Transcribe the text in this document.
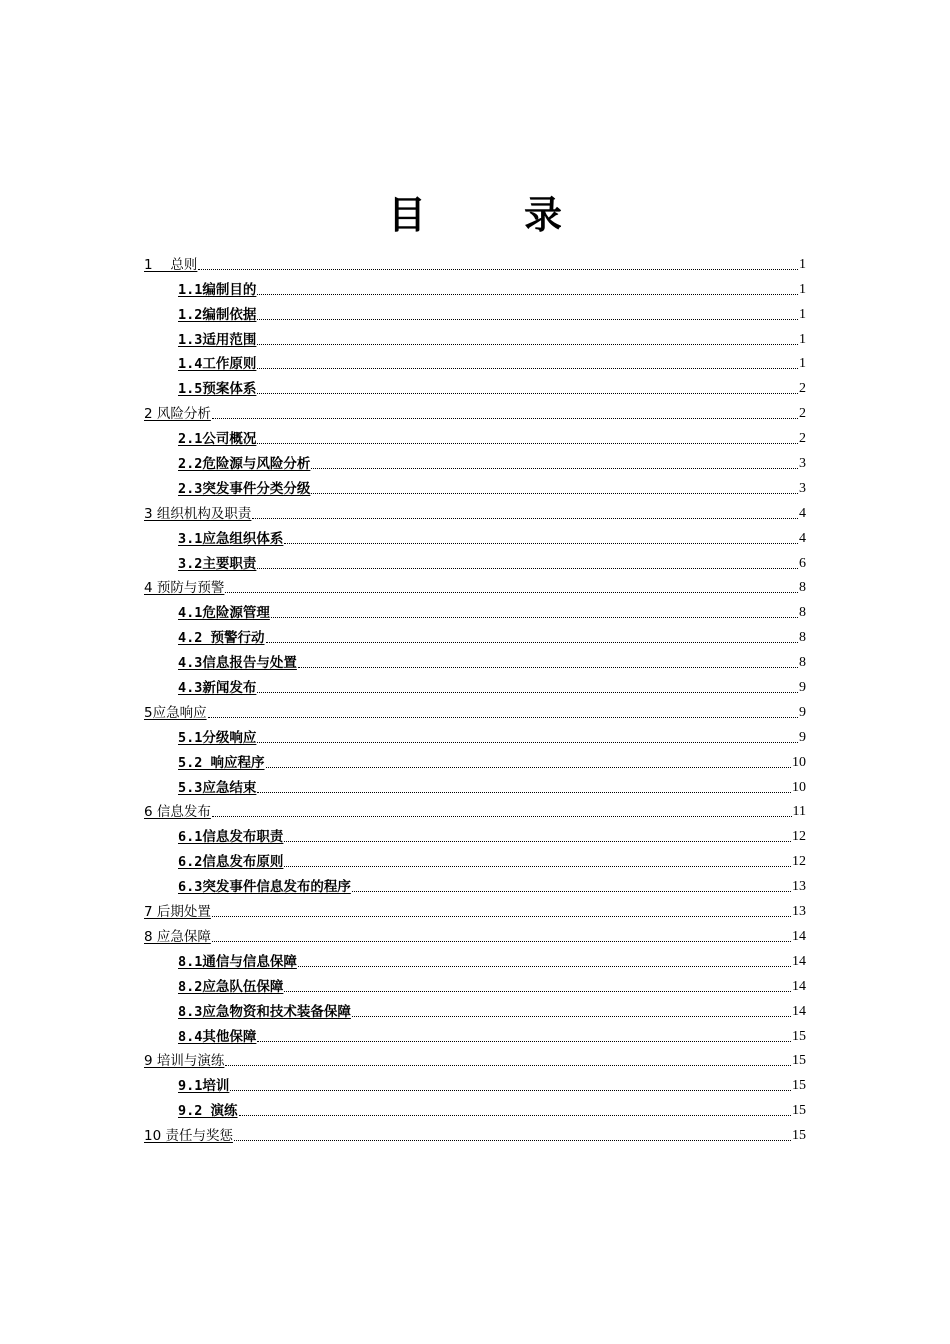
目　录
1　 总则	1
1.1编制目的	1
1.2编制依据	1
1.3适用范围	1
1.4工作原则	1
1.5预案体系	2
2 风险分析	2
2.1公司概况	2
2.2危险源与风险分析	3
2.3突发事件分类分级	3
3 组织机构及职责	4
3.1应急组织体系	4
3.2主要职责	6
4 预防与预警	8
4.1危险源管理	8
4.2 预警行动	8
4.3信息报告与处置	8
4.3新闻发布	9
5应急响应	9
5.1分级响应	9
5.2 响应程序	10
5.3应急结束	10
6 信息发布	11
6.1信息发布职责	12
6.2信息发布原则	12
6.3突发事件信息发布的程序	13
7 后期处置	13
8 应急保障	14
8.1通信与信息保障	14
8.2应急队伍保障	14
8.3应急物资和技术装备保障	14
8.4其他保障	15
9 培训与演练	15
9.1培训	15
9.2 演练	15
10 责任与奖惩	15
